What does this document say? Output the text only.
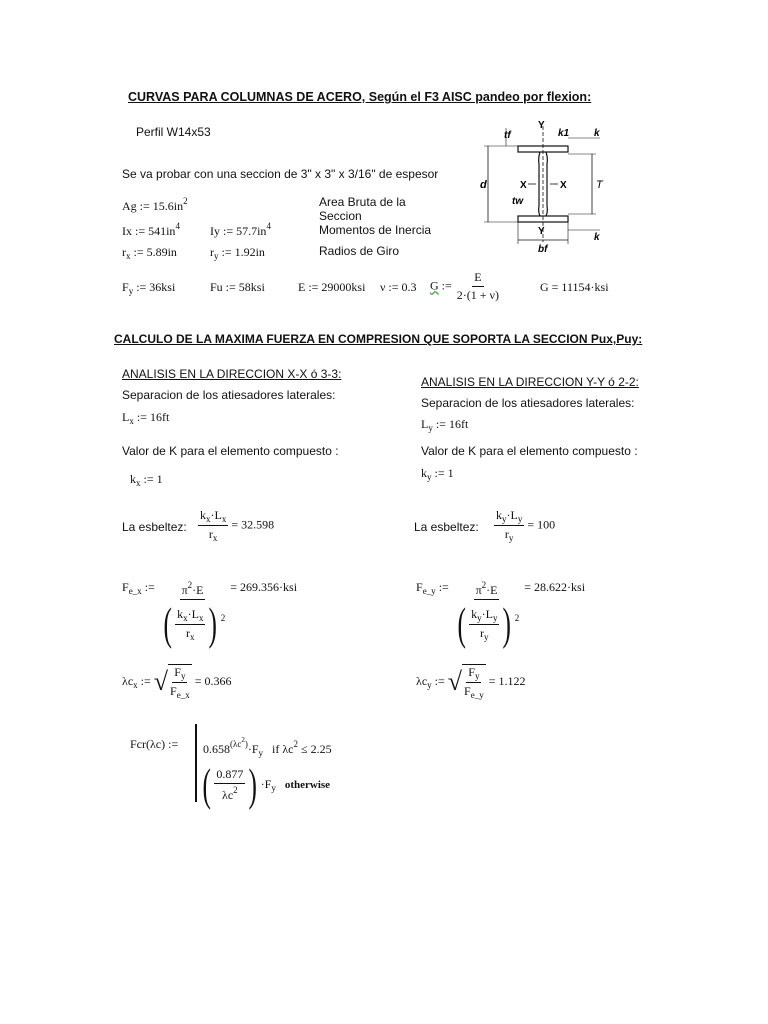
CURVAS PARA COLUMNAS DE ACERO, Según el F3 AISC pandeo por flexion:
Perfil W14x53
Se va probar con una seccion de 3" x 3" x 3/16" de espesor
Ag := $15.6in^2$	Area Bruta de la
Seccion
Ix := $541in^4$	Iy := $57.7in^4$	Momentos de Inercia
$r_x$ := 5.89in	$r_y$ := 1.92in	Radios de Giro
$F_y$ := 36ksi	Fu := 58ksi	E := 29000ksi ν := 0.3 G := $\frac{E}{2\cdot(1 + \nu)}$	G = 11154·ksi
tf	k1 k
Y
d	X	X	T
tw
Y
bf
k
CALCULO DE LA MAXIMA FUERZA EN COMPRESION QUE SOPORTA LA SECCION Pux,Puy:
ANALISIS EN LA DIRECCION X-X ó 3-3:
Separacion de los atiesadores laterales:
$L_x$ := 16ft
Valor de K para el elemento compuesto :
$k_x$ := 1
La esbeltez: $\frac{k_x\cdot L_x}{r_x} = 32.598$
$F_{e\_x}$ := $\frac{\pi^2\cdot E}{( \frac{k_x\cdot L_x}{r_x} ) ^2} = 269.356\cdot ksi$
$\lambda c_x$ := √ $\frac{F_y}{F_{e\_x}} = 0.366$
ANALISIS EN LA DIRECCION Y-Y ó 2-2:
Separacion de los atiesadores laterales:
$L_y$ := 16ft
Valor de K para el elemento compuesto :
$k_y$ := 1
La esbeltez: $\frac{k_y\cdot L_y}{r_y} = 100$
$F_{e\_y}$ := $\frac{\pi^2\cdot E}{( \frac{k_y\cdot L_y}{r_y} ) ^2} = 28.622\cdot ksi$
$\lambda c_y$ := √ $\frac{F_y}{F_{e\_y}} = 1.122$
Fcr(λc) := $0.658^{(\lambda c^2)}\cdot F_y$ if $\lambda c^2 \le 2.25$
( $\frac{0.877}{\lambda c^2}$ ) $\cdot F_y$ otherwise
